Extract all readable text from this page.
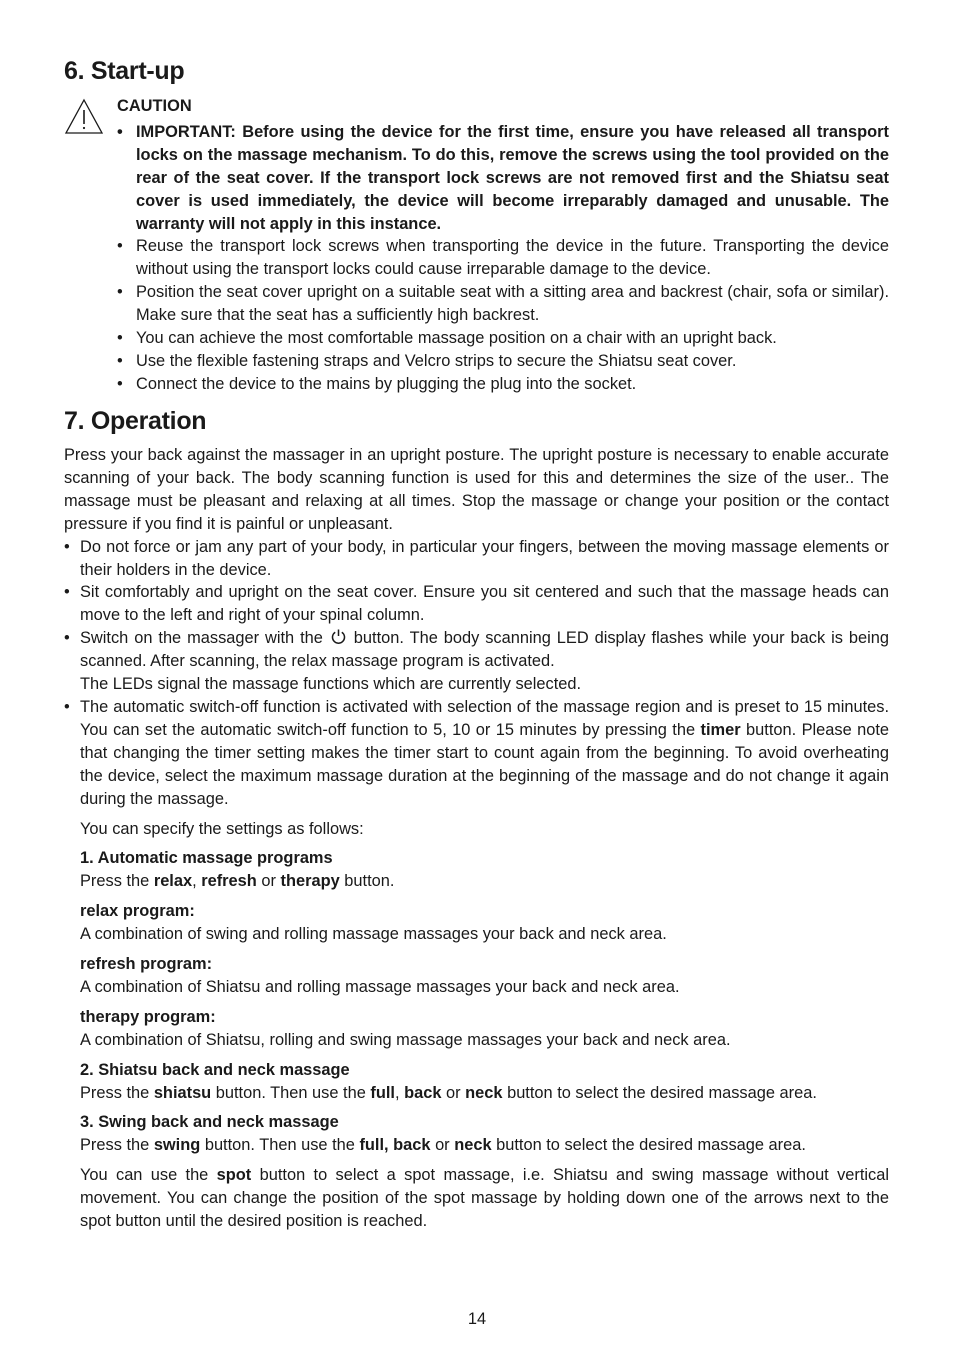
6. Start-up
CAUTION
• IMPORTANT: Before using the device for the first time, ensure you have released all transport locks on the massage mechanism. To do this, remove the screws using the tool provided on the rear of the seat cover. If the transport lock screws are not removed first and the Shiatsu seat cover is used immediately, the device will become irreparably damaged and unusable. The warranty will not apply in this instance.
• Reuse the transport lock screws when transporting the device in the future. Transporting the device without using the transport locks could cause irreparable damage to the device.
• Position the seat cover upright on a suitable seat with a sitting area and backrest (chair, sofa or similar). Make sure that the seat has a sufficiently high backrest.
• You can achieve the most comfortable massage position on a chair with an upright back.
• Use the flexible fastening straps and Velcro strips to secure the Shiatsu seat cover.
• Connect the device to the mains by plugging the plug into the socket.
7. Operation
Press your back against the massager in an upright posture. The upright posture is necessary to enable accurate scanning of your back. The body scanning function is used for this and determines the size of the user.. The massage must be pleasant and relaxing at all times. Stop the massage or change your position or the contact pressure if you find it is painful or unpleasant.
• Do not force or jam any part of your body, in particular your fingers, between the moving massage elements or their holders in the device.
• Sit comfortably and upright on the seat cover. Ensure you sit centered and such that the massage heads can move to the left and right of your spinal column.
• Switch on the massager with the button. The body scanning LED display flashes while your back is being scanned. After scanning, the relax massage program is activated.
The LEDs signal the massage functions which are currently selected.
• The automatic switch-off function is activated with selection of the massage region and is preset to 15 minutes. You can set the automatic switch-off function to 5, 10 or 15 minutes by pressing the timer button. Please note that changing the timer setting makes the timer start to count again from the beginning. To avoid overheating the device, select the maximum massage duration at the beginning of the massage and do not change it again during the massage.
You can specify the settings as follows:
1. Automatic massage programs
Press the relax, refresh or therapy button.
relax program:
A combination of swing and rolling massage massages your back and neck area.
refresh program:
A combination of Shiatsu and rolling massage massages your back and neck area.
therapy program:
A combination of Shiatsu, rolling and swing massage massages your back and neck area.
2. Shiatsu back and neck massage
Press the shiatsu button. Then use the full, back or neck button to select the desired massage area.
3. Swing back and neck massage
Press the swing button. Then use the full, back or neck button to select the desired massage area.
You can use the spot button to select a spot massage, i.e. Shiatsu and swing massage without vertical movement. You can change the position of the spot massage by holding down one of the arrows next to the spot button until the desired position is reached.
14
